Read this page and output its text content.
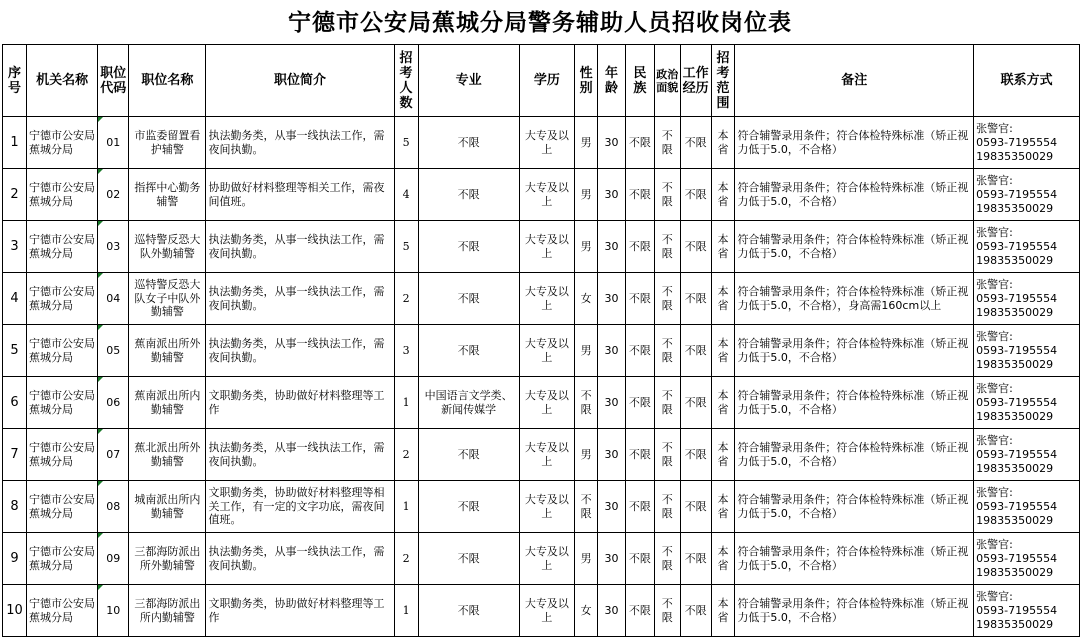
宁德市公安局蕉城分局警务辅助人员招收岗位表
序号	机关名称	职位代码	职位名称	职位简介	招考人数	专业	学历	性别	年龄	民族	政治面貌	工作经历	招考范围	备注	联系方式
1	宁德市公安局蕉城分局	01	市监委留置看护辅警	执法勤务类，从事一线执法工作，需夜间执勤。	5	不限	大专及以上	男	30	不限	不限	不限	本省	符合辅警录用条件；符合体检特殊标准（矫正视力低于5.0，不合格）	张警官:
0593-7195554
19835350029

2	宁德市公安局蕉城分局	02	指挥中心勤务辅警	协助做好材料整理等相关工作，需夜间值班。	4	不限	大专及以上	男	30	不限	不限	不限	本省	符合辅警录用条件；符合体检特殊标准（矫正视力低于5.0，不合格）	张警官:
0593-7195554
19835350029

3	宁德市公安局蕉城分局	03	巡特警反恐大队外勤辅警	执法勤务类，从事一线执法工作，需夜间执勤。	5	不限	大专及以上	男	30	不限	不限	不限	本省	符合辅警录用条件；符合体检特殊标准（矫正视力低于5.0，不合格）	张警官:
0593-7195554
19835350029

4	宁德市公安局蕉城分局	04	巡特警反恐大队女子中队外勤辅警	执法勤务类，从事一线执法工作，需夜间执勤。	2	不限	大专及以上	女	30	不限	不限	不限	本省	符合辅警录用条件；符合体检特殊标准（矫正视力低于5.0，不合格），身高需160cm以上	张警官:
0593-7195554
19835350029

5	宁德市公安局蕉城分局	05	蕉南派出所外勤辅警	执法勤务类，从事一线执法工作，需夜间执勤。	3	不限	大专及以上	男	30	不限	不限	不限	本省	符合辅警录用条件；符合体检特殊标准（矫正视力低于5.0，不合格）	张警官:
0593-7195554
19835350029

6	宁德市公安局蕉城分局	06	蕉南派出所内勤辅警	文职勤务类，协助做好材料整理等工作	1	中国语言文学类、新闻传媒学	大专及以上	不限	30	不限	不限	不限	本省	符合辅警录用条件；符合体检特殊标准（矫正视力低于5.0，不合格）	张警官:
0593-7195554
19835350029

7	宁德市公安局蕉城分局	07	蕉北派出所外勤辅警	执法勤务类，从事一线执法工作，需夜间执勤。	2	不限	大专及以上	男	30	不限	不限	不限	本省	符合辅警录用条件；符合体检特殊标准（矫正视力低于5.0，不合格）	张警官:
0593-7195554
19835350029

8	宁德市公安局蕉城分局	08	城南派出所内勤辅警	文职勤务类，协助做好材料整理等相关工作，有一定的文字功底，需夜间值班。	1	不限	大专及以上	不限	30	不限	不限	不限	本省	符合辅警录用条件；符合体检特殊标准（矫正视力低于5.0，不合格）	张警官:
0593-7195554
19835350029

9	宁德市公安局蕉城分局	09	三都海防派出所外勤辅警	执法勤务类，从事一线执法工作，需夜间执勤。	2	不限	大专及以上	男	30	不限	不限	不限	本省	符合辅警录用条件；符合体检特殊标准（矫正视力低于5.0，不合格）	张警官:
0593-7195554
19835350029

10	宁德市公安局蕉城分局	10	三都海防派出所内勤辅警	文职勤务类，协助做好材料整理等工作	1	不限	大专及以上	女	30	不限	不限	不限	本省	符合辅警录用条件；符合体检特殊标准（矫正视力低于5.0，不合格）	张警官:
0593-7195554
19835350029
